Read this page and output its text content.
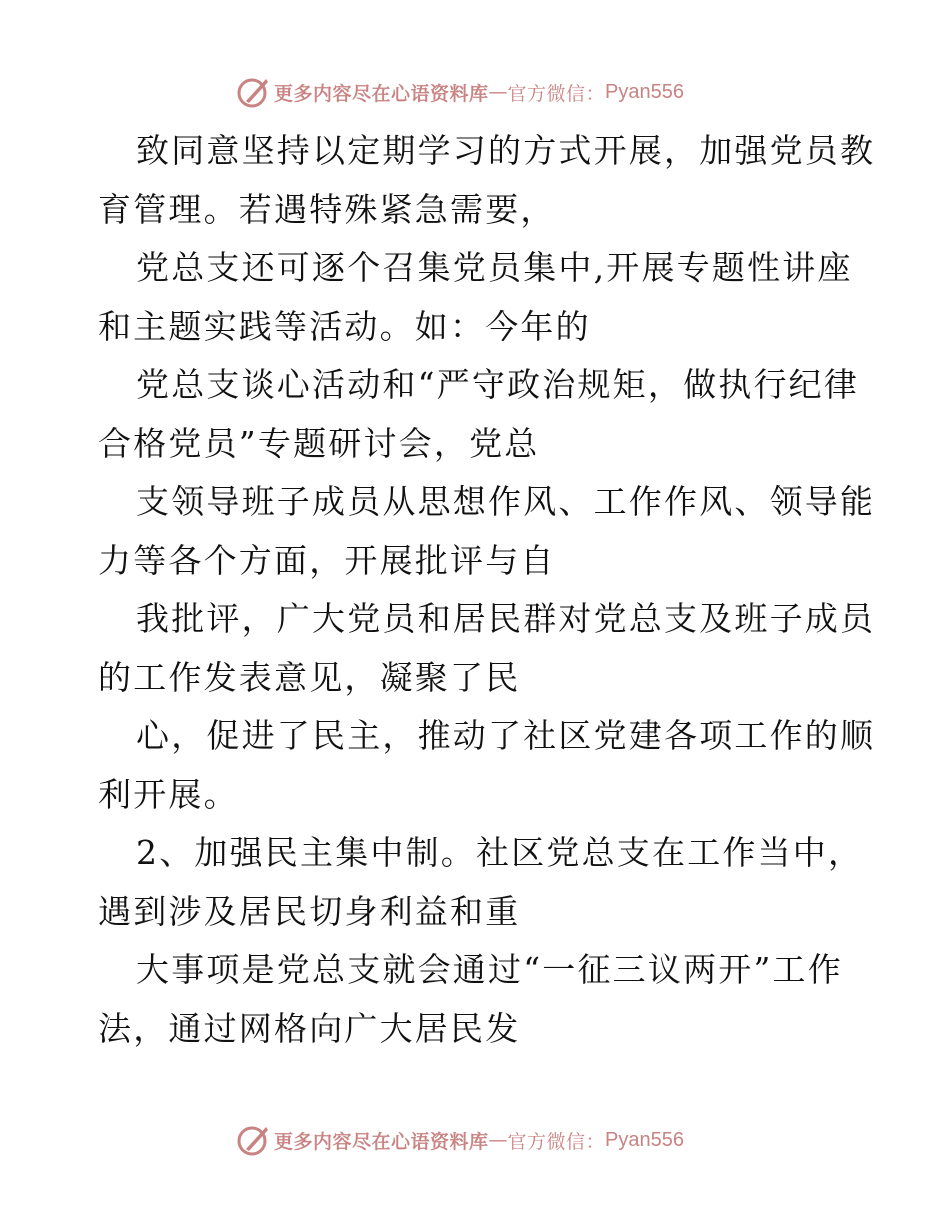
更多内容尽在心语资料库 — 官方微信： Pyan556
致同意坚持以定期学习的方式开展，加强党员教
育管理。若遇特殊紧急需要，
党总支还可逐个召集党员集中,开展专题性讲座
和主题实践等活动。如：今年的
党总支谈心活动和“严守政治规矩，做执行纪律
合格党员”专题研讨会，党总
支领导班子成员从思想作风、工作作风、领导能
力等各个方面，开展批评与自
我批评，广大党员和居民群对党总支及班子成员
的工作发表意见，凝聚了民
心，促进了民主，推动了社区党建各项工作的顺
利开展。
2、加强民主集中制。社区党总支在工作当中，
遇到涉及居民切身利益和重
大事项是党总支就会通过“一征三议两开”工作
法，通过网格向广大居民发
更多内容尽在心语资料库 — 官方微信： Pyan556
